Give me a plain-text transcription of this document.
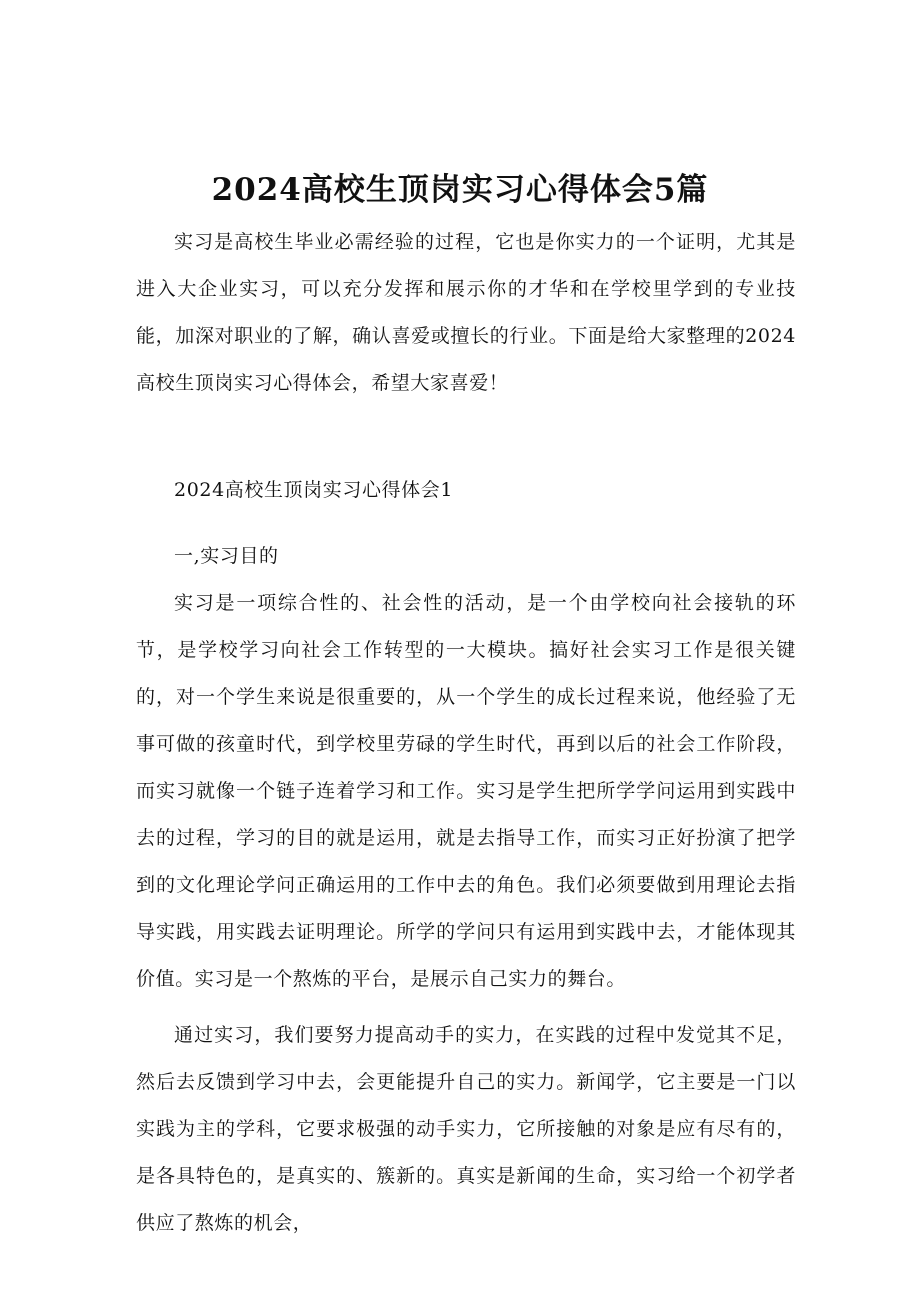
2024高校生顶岗实习心得体会5篇

实习是高校生毕业必需经验的过程，它也是你实力的一个证明，尤其是进入大企业实习，可以充分发挥和展示你的才华和在学校里学到的专业技能，加深对职业的了解，确认喜爱或擅长的行业。下面是给大家整理的2024高校生顶岗实习心得体会，希望大家喜爱！

2024高校生顶岗实习心得体会1

一,实习目的

实习是一项综合性的、社会性的活动，是一个由学校向社会接轨的环节，是学校学习向社会工作转型的一大模块。搞好社会实习工作是很关键的，对一个学生来说是很重要的，从一个学生的成长过程来说，他经验了无事可做的孩童时代，到学校里劳碌的学生时代，再到以后的社会工作阶段，而实习就像一个链子连着学习和工作。实习是学生把所学学问运用到实践中去的过程，学习的目的就是运用，就是去指导工作，而实习正好扮演了把学到的文化理论学问正确运用的工作中去的角色。我们必须要做到用理论去指导实践，用实践去证明理论。所学的学问只有运用到实践中去，才能体现其价值。实习是一个熬炼的平台，是展示自己实力的舞台。

通过实习，我们要努力提高动手的实力，在实践的过程中发觉其不足，然后去反馈到学习中去，会更能提升自己的实力。新闻学，它主要是一门以实践为主的学科，它要求极强的动手实力，它所接触的对象是应有尽有的，是各具特色的，是真实的、簇新的。真实是新闻的生命，实习给一个初学者供应了熬炼的机会，
